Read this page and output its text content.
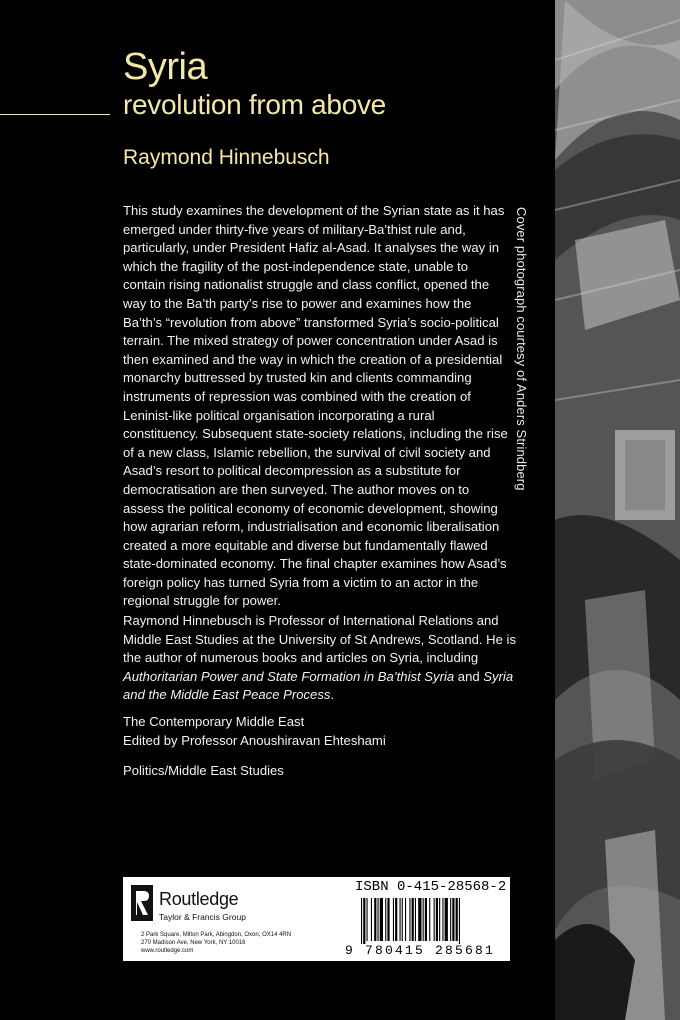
Cover photograph courtesy of Anders Strindberg
Syria
revolution from above
Raymond Hinnebusch
This study examines the development of the Syrian state as it has emerged under thirty-five years of military-Ba’thist rule and, particularly, under President Hafiz al-Asad. It analyses the way in which the fragility of the post-independence state, unable to contain rising nationalist struggle and class conflict, opened the way to the Ba’th party’s rise to power and examines how the Ba’th’s “revolution from above” transformed Syria’s socio-political terrain. The mixed strategy of power concentration under Asad is then examined and the way in which the creation of a presidential monarchy buttressed by trusted kin and clients commanding instruments of repression was combined with the creation of Leninist-like political organisation incorporating a rural constituency. Subsequent state-society relations, including the rise of a new class, Islamic rebellion, the survival of civil society and Asad’s resort to political decompression as a substitute for democratisation are then surveyed. The author moves on to assess the political economy of economic development, showing how agrarian reform, industrialisation and economic liberalisation created a more equitable and diverse but fundamentally flawed state-dominated economy. The final chapter examines how Asad’s foreign policy has turned Syria from a victim to an actor in the regional struggle for power.
Raymond Hinnebusch is Professor of International Relations and Middle East Studies at the University of St Andrews, Scotland. He is the author of numerous books and articles on Syria, including Authoritarian Power and State Formation in Ba’thist Syria and Syria and the Middle East Peace Process.
The Contemporary Middle East
Edited by Professor Anoushiravan Ehteshami
Politics/Middle East Studies
Routledge
Taylor & Francis Group
2 Park Square, Milton Park, Abingdon, Oxon, OX14 4RN
270 Madison Ave, New York, NY 10016
www.routledge.com
ISBN 0-415-28568-2
9 780415 285681
